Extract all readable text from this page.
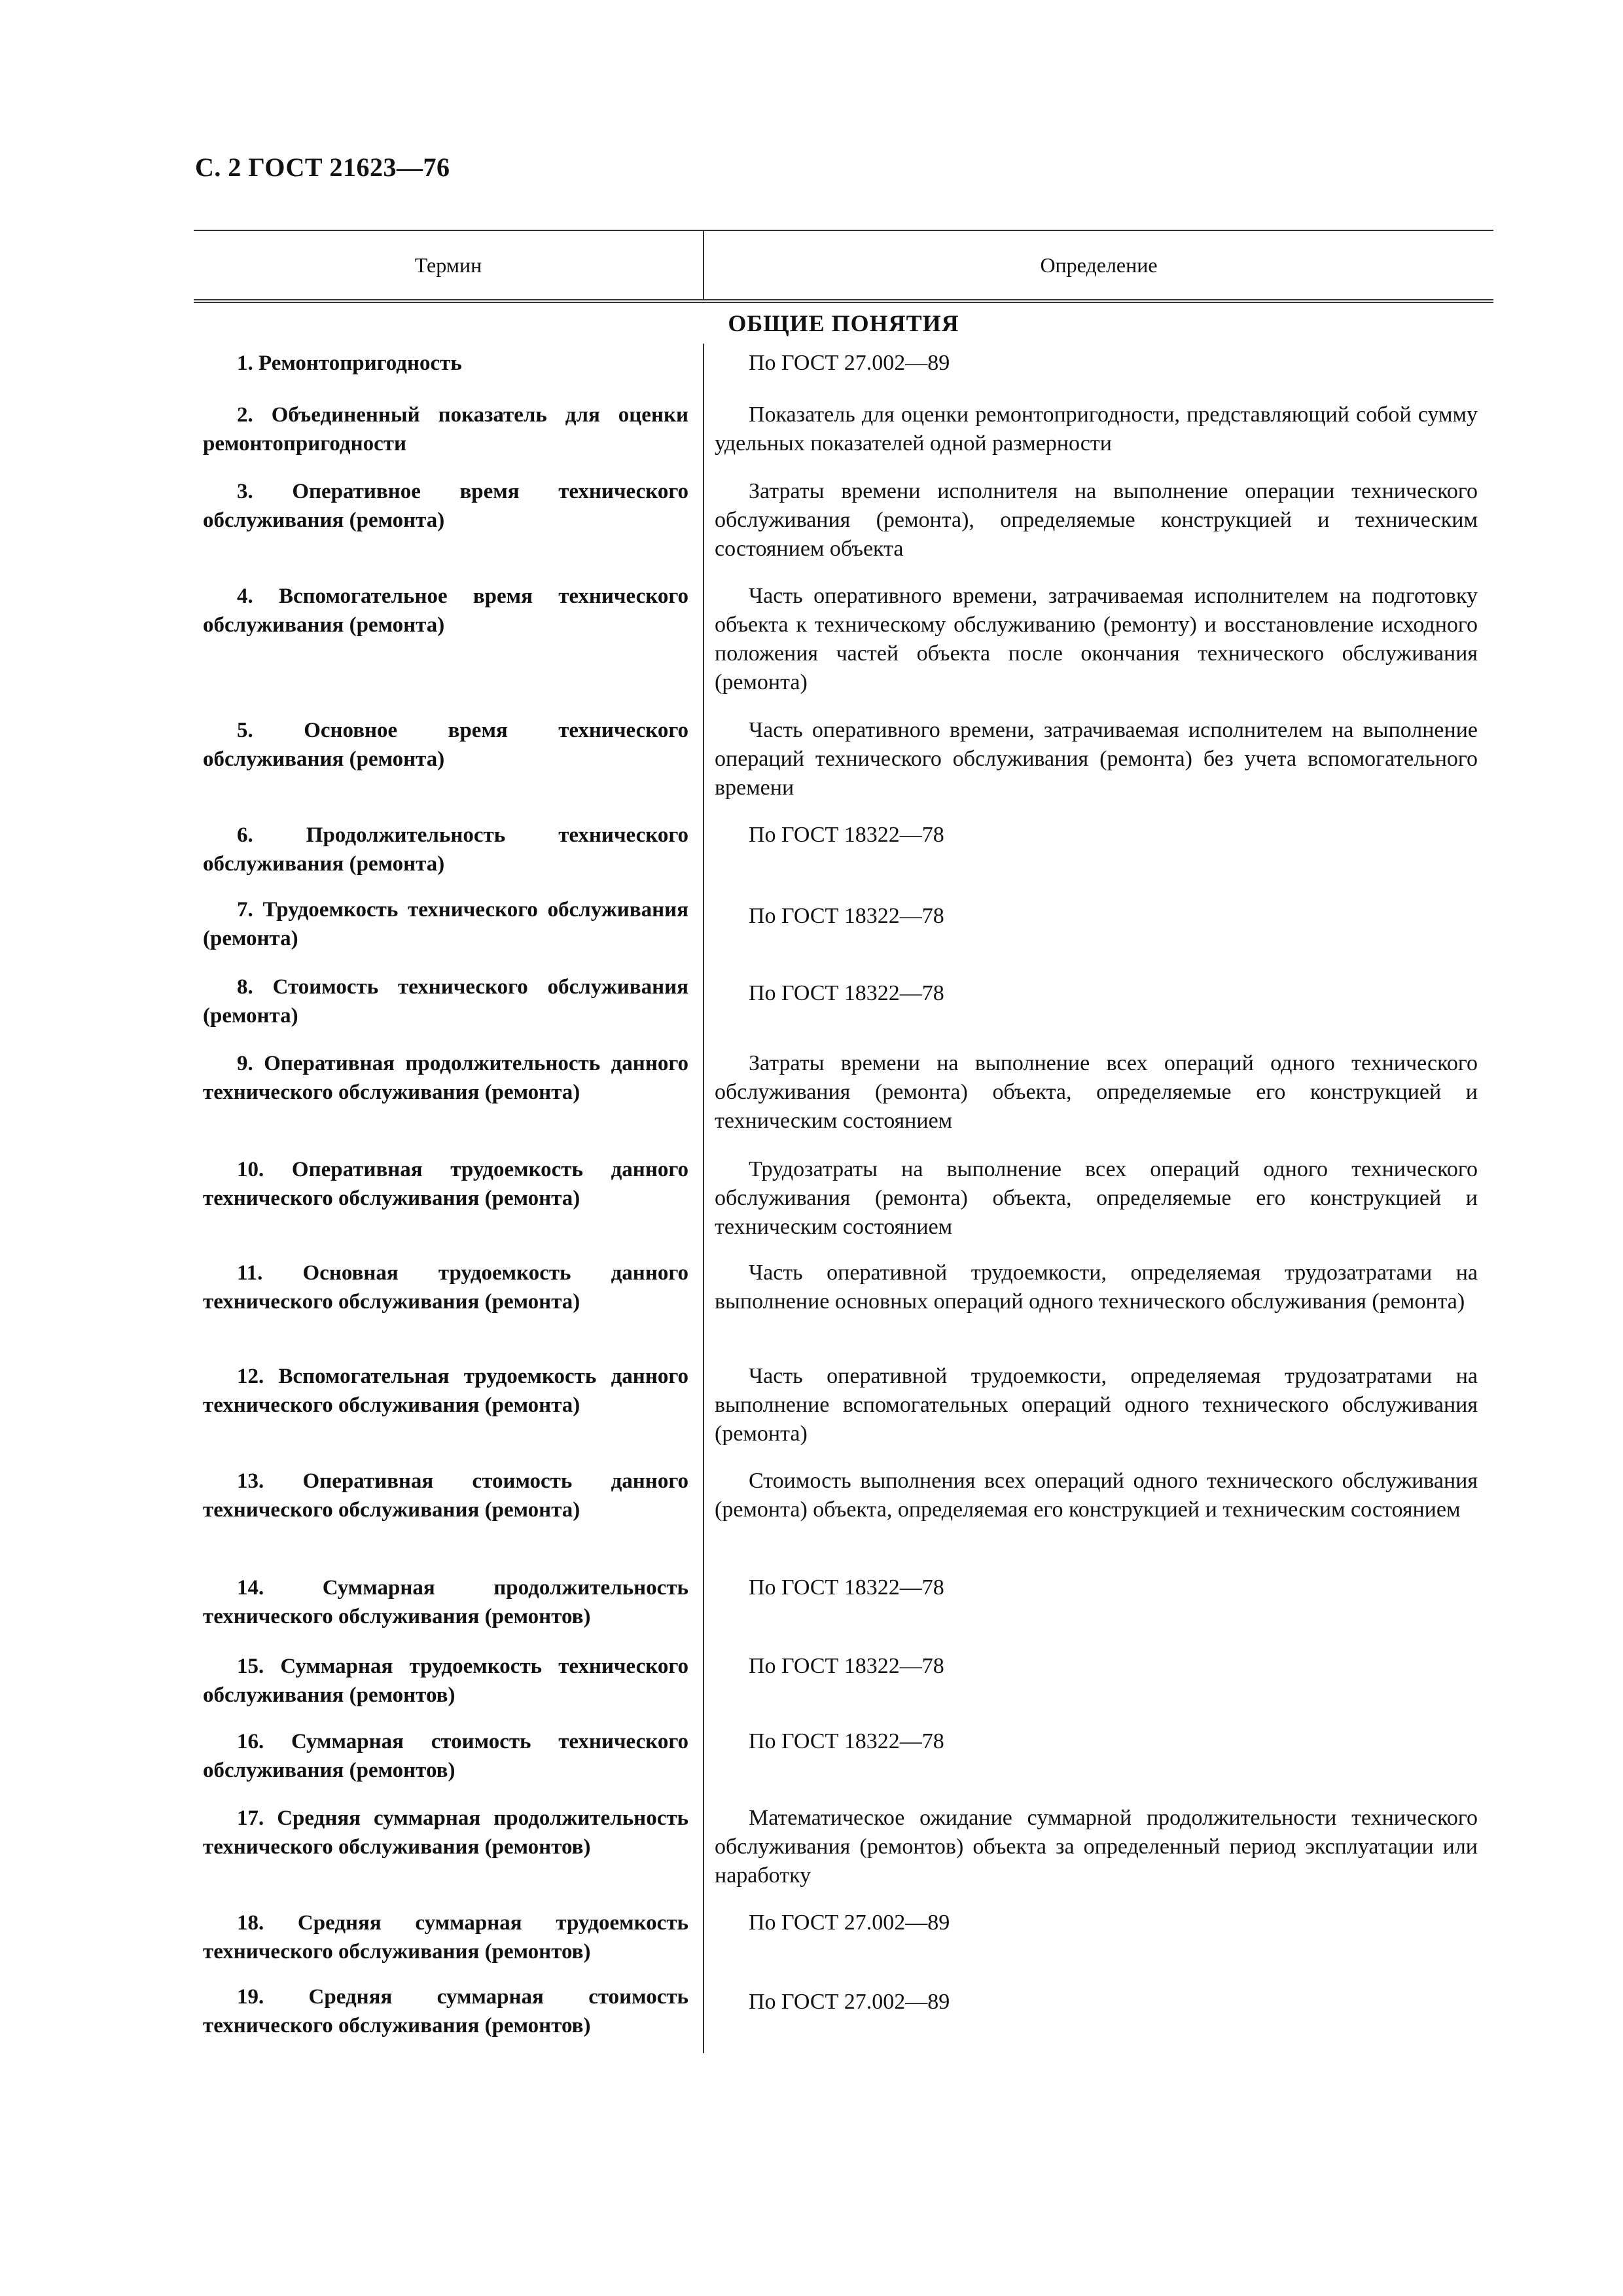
С. 2 ГОСТ 21623—76
Термин	Определение
ОБЩИЕ ПОНЯТИЯ
1. Ремонтопригодность	По ГОСТ 27.002—89
2. Объединенный показатель для оценки ремонтопригодности
Показатель для оценки ремонтопригодности, представляющий собой сумму удельных показателей одной размерности
3. Оперативное время технического обслуживания (ремонта)
Затраты времени исполнителя на выполнение операции технического обслуживания (ремонта), определяемые конструкцией и техническим состоянием объекта
4. Вспомогательное время технического обслуживания (ремонта)
Часть оперативного времени, затрачиваемая исполнителем на подготовку объекта к техническому обслуживанию (ремонту) и восстановление исходного положения частей объекта после окончания технического обслуживания (ремонта)
5. Основное время технического обслуживания (ремонта)
Часть оперативного времени, затрачиваемая исполнителем на выполнение операций технического обслуживания (ремонта) без учета вспомогательного времени
6. Продолжительность технического обслуживания (ремонта)
По ГОСТ 18322—78
7. Трудоемкость технического обслуживания (ремонта)
По ГОСТ 18322—78
8. Стоимость технического обслуживания (ремонта)
По ГОСТ 18322—78
9. Оперативная продолжительность данного технического обслуживания (ремонта)
Затраты времени на выполнение всех операций одного технического обслуживания (ремонта) объекта, определяемые его конструкцией и техническим состоянием
10. Оперативная трудоемкость данного технического обслуживания (ремонта)
Трудозатраты на выполнение всех операций одного технического обслуживания (ремонта) объекта, определяемые его конструкцией и техническим состоянием
11. Основная трудоемкость данного технического обслуживания (ремонта)
Часть оперативной трудоемкости, определяемая трудозатратами на выполнение основных операций одного технического обслуживания (ремонта)
12. Вспомогательная трудоемкость данного технического обслуживания (ремонта)
Часть оперативной трудоемкости, определяемая трудозатратами на выполнение вспомогательных операций одного технического обслуживания (ремонта)
13. Оперативная стоимость данного технического обслуживания (ремонта)
Стоимость выполнения всех операций одного технического обслуживания (ремонта) объекта, определяемая его конструкцией и техническим состоянием
14. Суммарная продолжительность технического обслуживания (ремонтов)
По ГОСТ 18322—78
15. Суммарная трудоемкость технического обслуживания (ремонтов)
По ГОСТ 18322—78
16. Суммарная стоимость технического обслуживания (ремонтов)
По ГОСТ 18322—78
17. Средняя суммарная продолжительность технического обслуживания (ремонтов)
Математическое ожидание суммарной продолжительности технического обслуживания (ремонтов) объекта за определенный период эксплуатации или наработку
18. Средняя суммарная трудоемкость технического обслуживания (ремонтов)
По ГОСТ 27.002—89
19. Средняя суммарная стоимость технического обслуживания (ремонтов)
По ГОСТ 27.002—89
